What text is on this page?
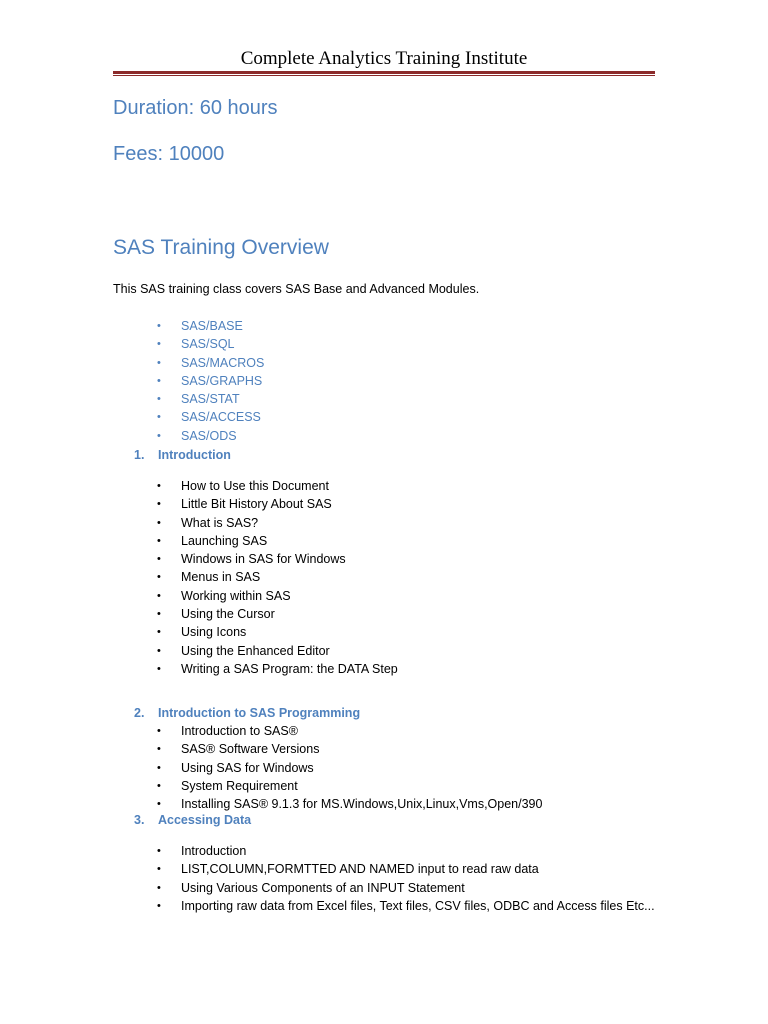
Complete Analytics Training Institute
Duration: 60 hours
Fees: 10000
SAS Training Overview
This SAS training class covers SAS Base and Advanced Modules.
• SAS/BASE
• SAS/SQL
• SAS/MACROS
• SAS/GRAPHS
• SAS/STAT
• SAS/ACCESS
• SAS/ODS
1. Introduction
• How to Use this Document
• Little Bit History About SAS
• What is SAS?
• Launching SAS
• Windows in SAS for Windows
• Menus in SAS
• Working within SAS
• Using the Cursor
• Using Icons
• Using the Enhanced Editor
• Writing a SAS Program: the DATA Step
2. Introduction to SAS Programming
• Introduction to SAS®
• SAS® Software Versions
• Using SAS for Windows
• System Requirement
• Installing SAS® 9.1.3 for MS.Windows,Unix,Linux,Vms,Open/390
3. Accessing Data
• Introduction
• LIST,COLUMN,FORMTTED AND NAMED input to read raw data
• Using Various Components of an INPUT Statement
• Importing raw data from Excel files, Text files, CSV files, ODBC and Access files Etc...
